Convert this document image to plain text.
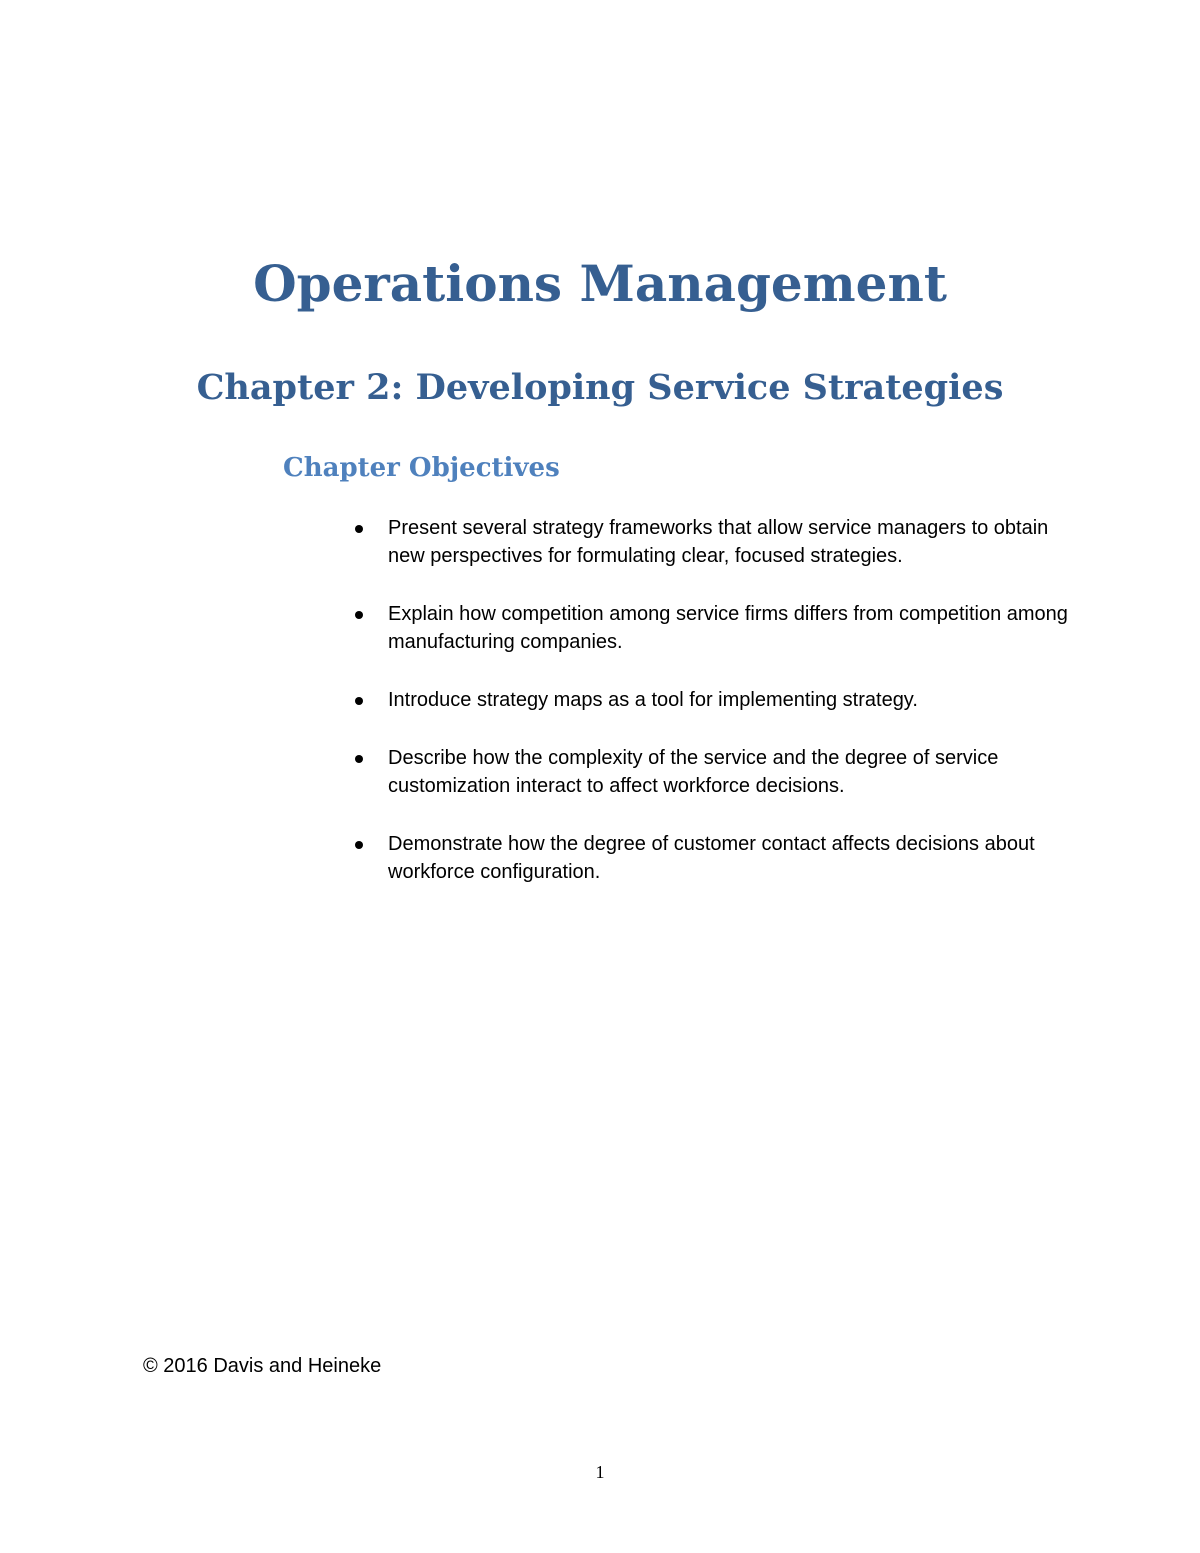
Operations Management
Chapter 2: Developing Service Strategies
Chapter Objectives
Present several strategy frameworks that allow service managers to obtain new perspectives for formulating clear, focused strategies.
Explain how competition among service firms differs from competition among manufacturing companies.
Introduce strategy maps as a tool for implementing strategy.
Describe how the complexity of the service and the degree of service customization interact to affect workforce decisions.
Demonstrate how the degree of customer contact affects decisions about workforce configuration.

© 2016 Davis and Heineke

1
